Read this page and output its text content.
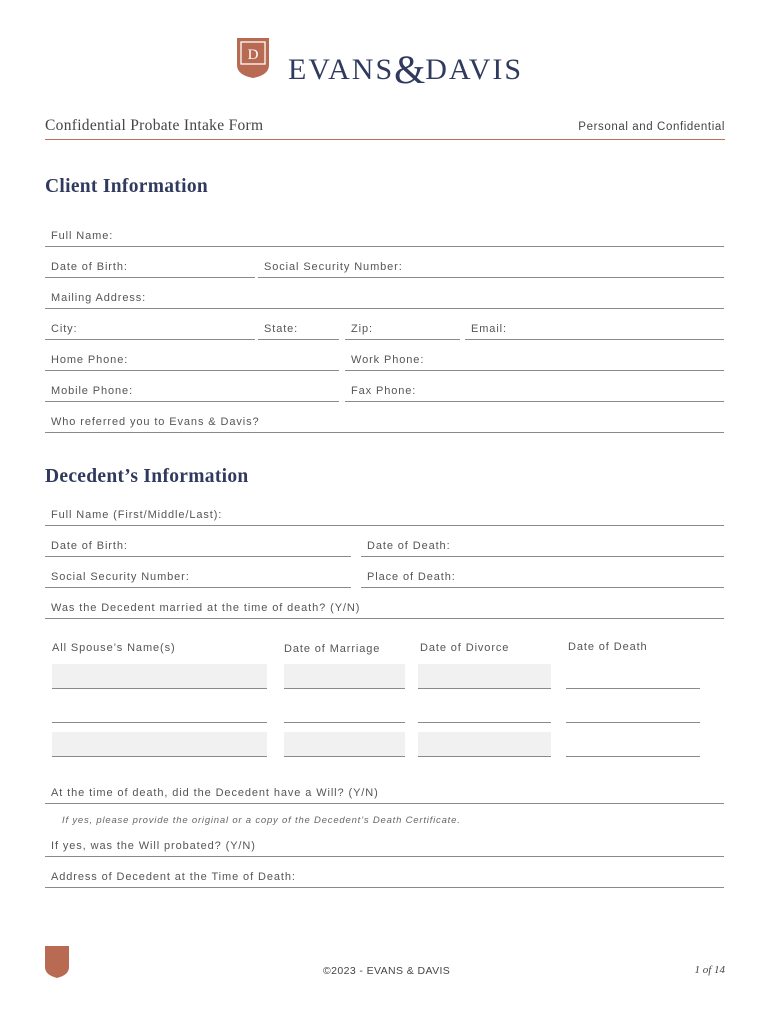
D EVANS&DAVIS
Confidential Probate Intake Form	Personal and Confidential
Client Information
Full Name:
Date of Birth:	Social Security Number:
Mailing Address:
City:	State:	Zip:	Email:
Home Phone:	Work Phone:
Mobile Phone:	Fax Phone:
Who referred you to Evans & Davis?
Decedent’s Information
Full Name (First/Middle/Last):
Date of Birth:	Date of Death:
Social Security Number:	Place of Death:
Was the Decedent married at the time of death? (Y/N)
All Spouse’s Name(s)	Date of Marriage	Date of Divorce	Date of Death
At the time of death, did the Decedent have a Will? (Y/N)
If yes, please provide the original or a copy of the Decedent’s Death Certificate.
If yes, was the Will probated? (Y/N)
Address of Decedent at the Time of Death:
©2023 - EVANS & DAVIS	1 of 14
